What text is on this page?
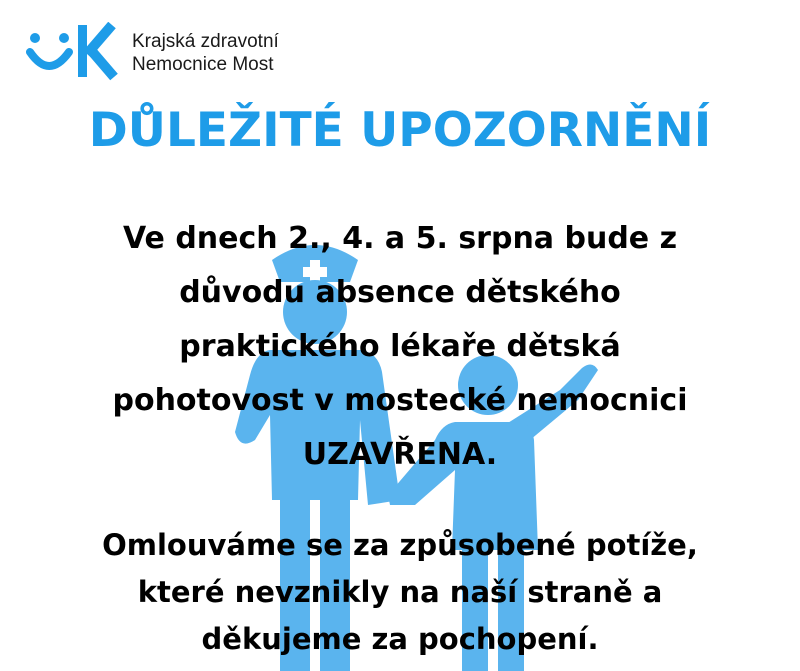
Krajská zdravotní
Nemocnice Most
DŮLEŽITÉ UPOZORNĚNÍ
Ve dnech 2., 4. a 5. srpna bude z
důvodu absence dětského
praktického lékaře dětská
pohotovost v mostecké nemocnici
UZAVŘENA.
Omlouváme se za způsobené potíže,
které nevznikly na naší straně a
děkujeme za pochopení.
